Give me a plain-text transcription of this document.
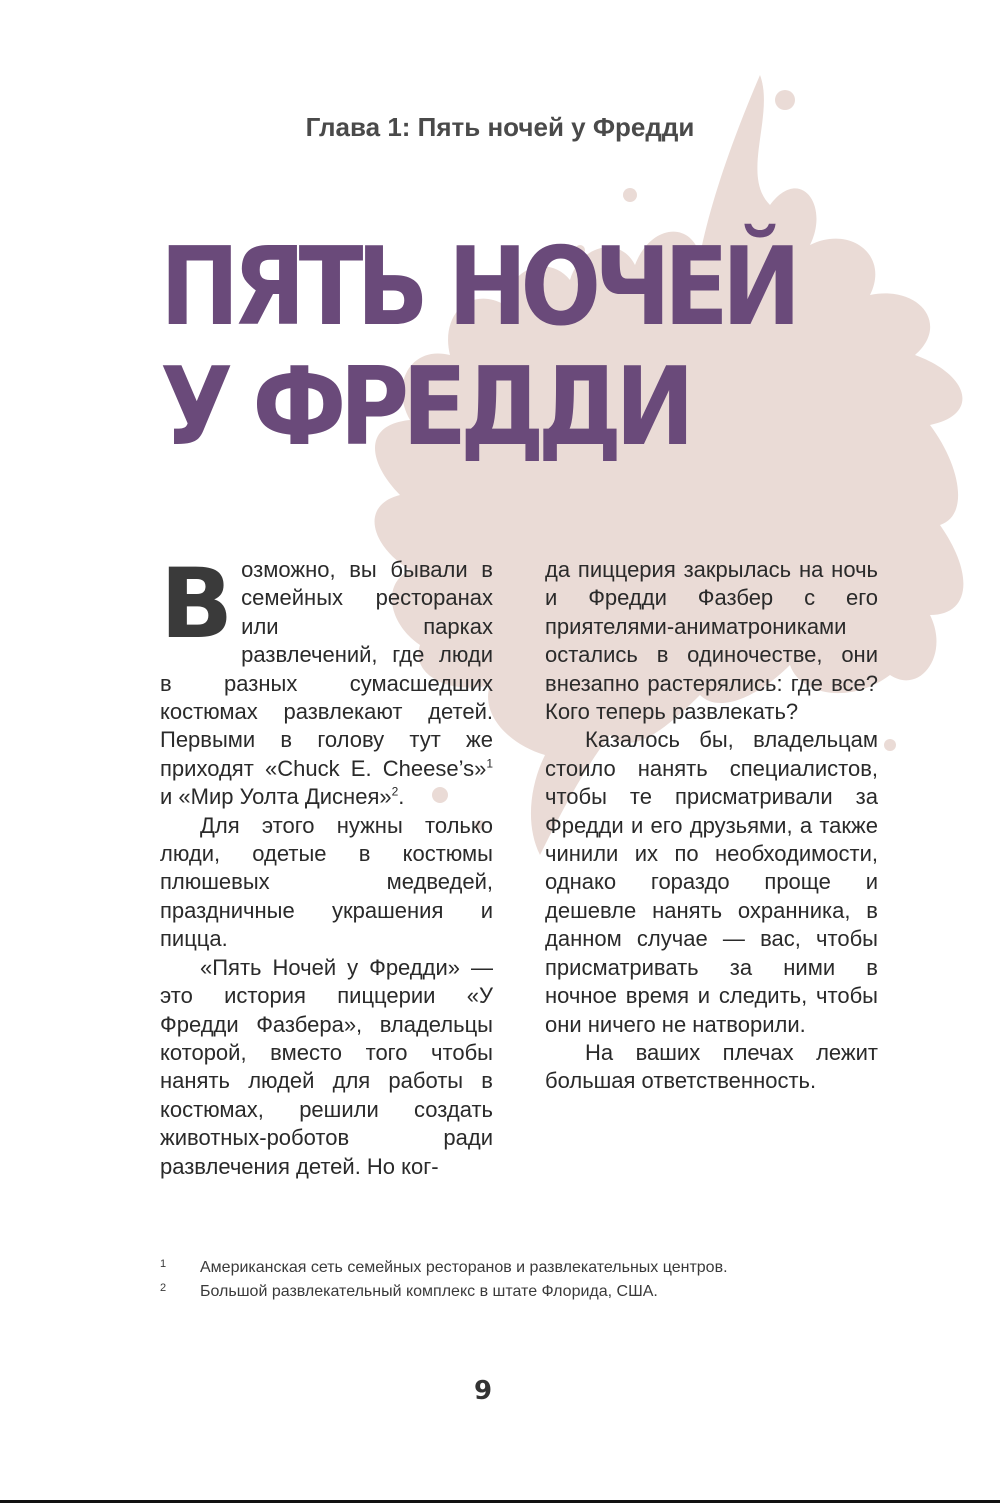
Глава 1: Пять ночей у Фредди
ПЯТЬ НОЧЕЙ
У ФРЕДДИ

Возможно, вы бывали в семейных ресторанах или парках развлечений, где люди в разных сумасшедших костюмах развлекают детей. Первыми в голову тут же приходят «Chuck E. Cheese’s»$^1$ и «Мир Уолта Диснея»$^2$.

Для этого нужны только люди, одетые в костюмы плюшевых медведей, праздничные украшения и пицца.

«Пять Ночей у Фредди» — это история пиццерии «У Фредди Фазбера», владельцы которой, вместо того чтобы нанять людей для работы в костюмах, решили создать животных-роботов ради развлечения детей. Но ког-

да пиццерия закрылась на ночь и Фредди Фазбер с его приятелями-аниматрониками остались в одиночестве, они внезапно растерялись: где все? Кого теперь развлекать?

Казалось бы, владельцам стоило нанять специалистов, чтобы те присматривали за Фредди и его друзьями, а также чинили их по необходимости, однако гораздо проще и дешевле нанять охранника, в данном случае — вас, чтобы присматривать за ними в ночное время и следить, чтобы они ничего не натворили.

На ваших плечах лежит большая ответственность.

1 Американская сеть семейных ресторанов и развлекательных центров.
2 Большой развлекательный комплекс в штате Флорида, США.
9
